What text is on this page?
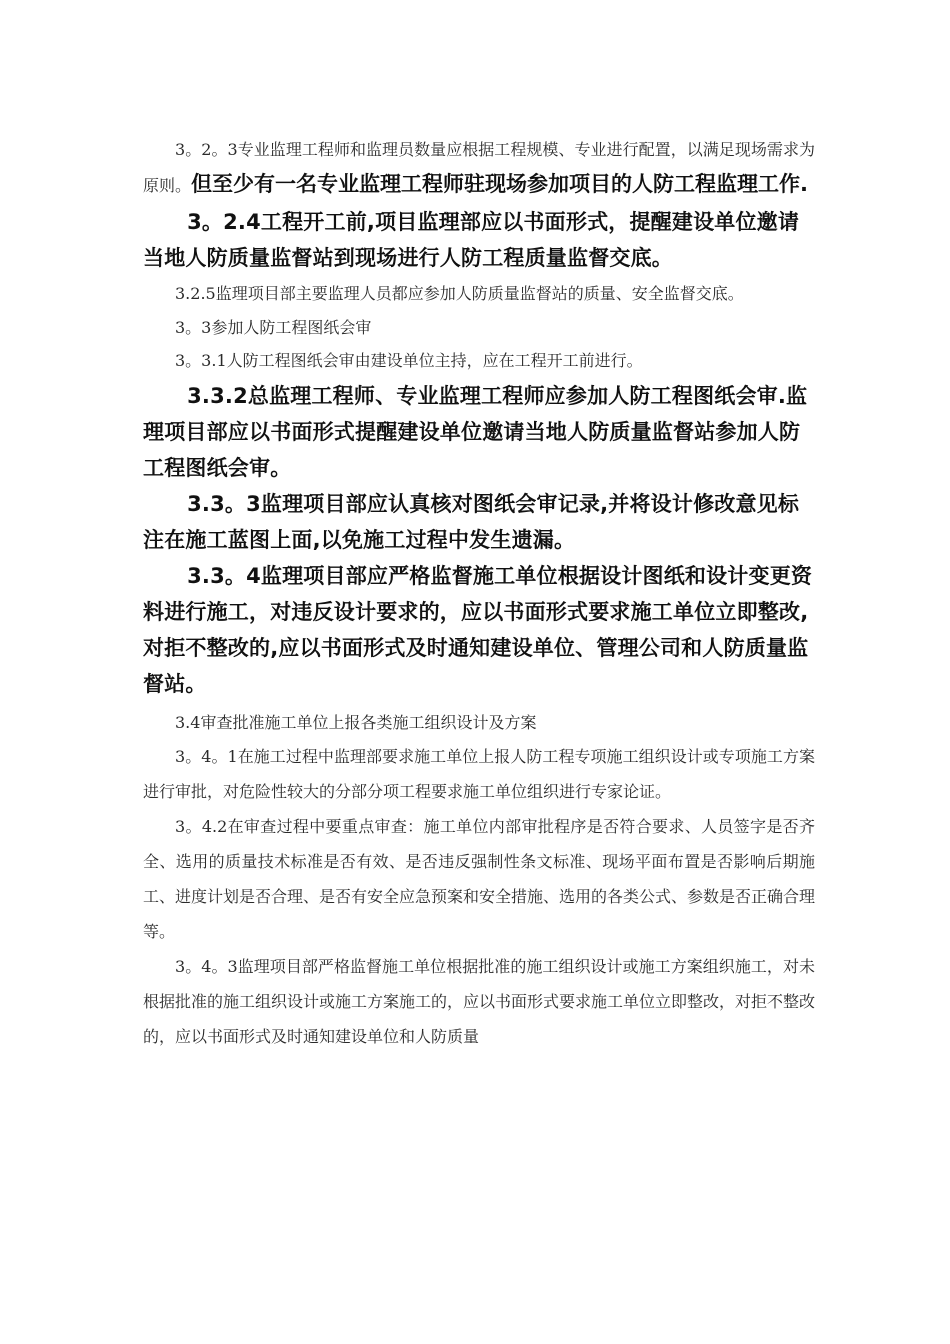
3。2。3专业监理工程师和监理员数量应根据工程规模、专业进行配置，以满足现场需求为原则。但至少有一名专业监理工程师驻现场参加项目的人防工程监理工作.

3。2.4工程开工前,项目监理部应以书面形式，提醒建设单位邀请当地人防质量监督站到现场进行人防工程质量监督交底。

3.2.5监理项目部主要监理人员都应参加人防质量监督站的质量、安全监督交底。

3。3参加人防工程图纸会审

3。3.1人防工程图纸会审由建设单位主持，应在工程开工前进行。

3.3.2总监理工程师、专业监理工程师应参加人防工程图纸会审.监理项目部应以书面形式提醒建设单位邀请当地人防质量监督站参加人防工程图纸会审。

3.3。3监理项目部应认真核对图纸会审记录,并将设计修改意见标注在施工蓝图上面,以免施工过程中发生遗漏。

3.3。4监理项目部应严格监督施工单位根据设计图纸和设计变更资料进行施工，对违反设计要求的，应以书面形式要求施工单位立即整改,对拒不整改的,应以书面形式及时通知建设单位、管理公司和人防质量监督站。

3.4审查批准施工单位上报各类施工组织设计及方案

3。4。1在施工过程中监理部要求施工单位上报人防工程专项施工组织设计或专项施工方案进行审批，对危险性较大的分部分项工程要求施工单位组织进行专家论证。

3。4.2在审查过程中要重点审查：施工单位内部审批程序是否符合要求、人员签字是否齐全、选用的质量技术标准是否有效、是否违反强制性条文标准、现场平面布置是否影响后期施工、进度计划是否合理、是否有安全应急预案和安全措施、选用的各类公式、参数是否正确合理等。

3。4。3监理项目部严格监督施工单位根据批准的施工组织设计或施工方案组织施工，对未根据批准的施工组织设计或施工方案施工的，应以书面形式要求施工单位立即整改，对拒不整改的，应以书面形式及时通知建设单位和人防质量
